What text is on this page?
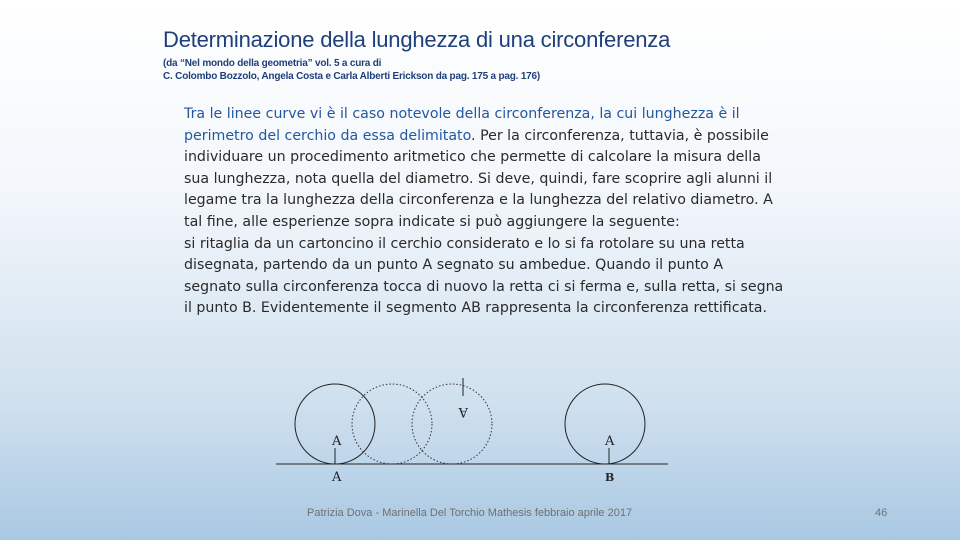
Determinazione della lunghezza di una circonferenza
(da “Nel mondo della geometria” vol. 5 a cura di
C. Colombo Bozzolo, Angela Costa e Carla Alberti Erickson da pag. 175 a pag. 176)
Tra le linee curve vi è il caso notevole della circonferenza, la cui lunghezza è il perimetro del cerchio da essa delimitato. Per la circonferenza, tuttavia, è possibile individuare un procedimento aritmetico che permette di calcolare la misura della sua lunghezza, nota quella del diametro. Si deve, quindi, fare scoprire agli alunni il legame tra la lunghezza della circonferenza e la lunghezza del relativo diametro. A tal fine, alle esperienze sopra indicate si può aggiungere la seguente:
si ritaglia da un cartoncino il cerchio considerato e lo si fa rotolare su una retta disegnata, partendo da un punto A segnato su ambedue. Quando il punto A segnato sulla circonferenza tocca di nuovo la retta ci si ferma e, sulla retta, si segna il punto B. Evidentemente il segmento AB rappresenta la circonferenza rettificata.
A
A
A
A
B
Patrizia Dova - Marinella Del Torchio Mathesis febbraio aprile 2017	46
